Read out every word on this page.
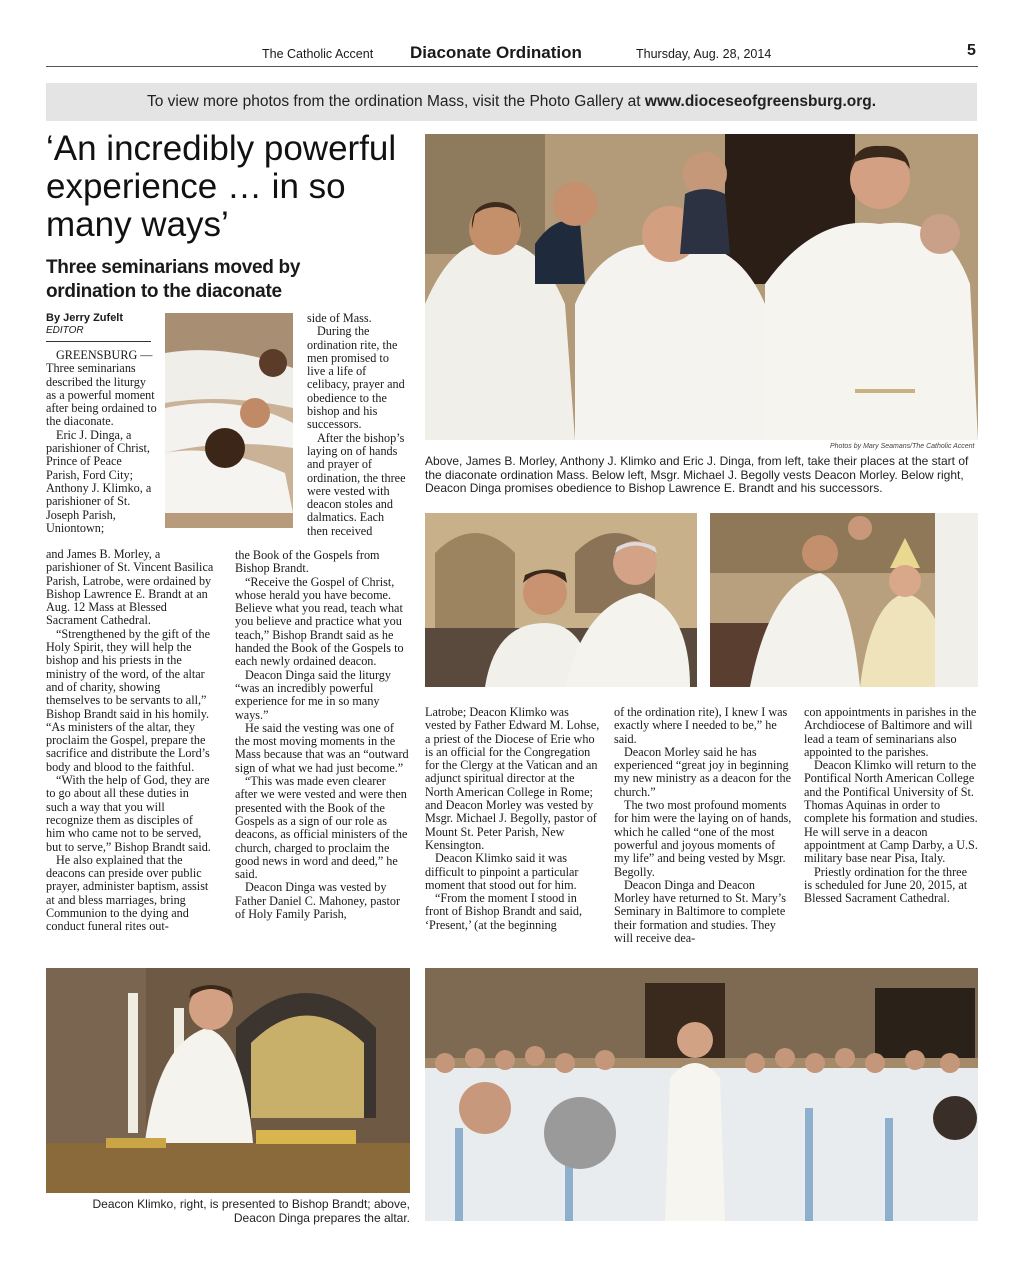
The Catholic Accent Diaconate Ordination	Thursday, Aug. 28, 2014	5
To view more photos from the ordination Mass, visit the Photo Gallery at www.dioceseofgreensburg.org.
‘An incredibly powerful experience … in so many ways’
Three seminarians moved by ordination to the diaconate
By Jerry Zufelt
EDITOR

GREENSBURG —Three seminarians described the liturgy as a powerful moment after being ordained to the diaconate.

Eric J. Dinga, a parishioner of Christ, Prince of Peace Parish, Ford City; Anthony J. Klimko, a parishioner of St. Joseph Parish, Uniontown;

and James B. Morley, a parishioner of St. Vincent Basilica Parish, Latrobe, were ordained by Bishop Lawrence E. Brandt at an Aug. 12 Mass at Blessed Sacrament Cathedral.

“Strengthened by the gift of the Holy Spirit, they will help the bishop and his priests in the ministry of the word, of the altar and of charity, showing themselves to be servants to all,” Bishop Brandt said in his homily. “As ministers of the altar, they proclaim the Gospel, prepare the sacrifice and distribute the Lord’s body and blood to the faithful.

“With the help of God, they are to go about all these duties in such a way that you will recognize them as disciples of him who came not to be served, but to serve,” Bishop Brandt said.

He also explained that the deacons can preside over public prayer, administer baptism, assist at and bless marriages, bring Communion to the dying and conduct funeral rites out-

side of Mass.

During the ordination rite, the men promised to live a life of celibacy, prayer and obedience to the bishop and his successors.

After the bishop’s laying on of hands and prayer of ordination, the three were vested with deacon stoles and dalmatics. Each then received

the Book of the Gospels from Bishop Brandt.

“Receive the Gospel of Christ, whose herald you have become. Believe what you read, teach what you believe and practice what you teach,” Bishop Brandt said as he handed the Book of the Gospels to each newly ordained deacon.

Deacon Dinga said the liturgy “was an incredibly powerful experience for me in so many ways.”

He said the vesting was one of the most moving moments in the Mass because that was an “outward sign of what we had just become.”

“This was made even clearer after we were vested and were then presented with the Book of the Gospels as a sign of our role as deacons, as official ministers of the church, charged to proclaim the good news in word and deed,” he said.

Deacon Dinga was vested by Father Daniel C. Mahoney, pastor of Holy Family Parish,

Photos by Mary Seamans/The Catholic Accent
Above, James B. Morley, Anthony J. Klimko and Eric J. Dinga, from left, take their places at the start of the diaconate ordination Mass. Below left, Msgr. Michael J. Begolly vests Deacon Morley. Below right, Deacon Dinga promises obedience to Bishop Lawrence E. Brandt and his successors.

Latrobe; Deacon Klimko was vested by Father Edward M. Lohse, a priest of the Diocese of Erie who is an official for the Congregation for the Clergy at the Vatican and an adjunct spiritual director at the North American College in Rome; and Deacon Morley was vested by Msgr. Michael J. Begolly, pastor of Mount St. Peter Parish, New Kensington.

Deacon Klimko said it was difficult to pinpoint a particular moment that stood out for him.

“From the moment I stood in front of Bishop Brandt and said, ‘Present,’ (at the beginning

of the ordination rite), I knew I was exactly where I needed to be,” he said.

Deacon Morley said he has experienced “great joy in beginning my new ministry as a deacon for the church.”

The two most profound moments for him were the laying on of hands, which he called “one of the most powerful and joyous moments of my life” and being vested by Msgr. Begolly.

Deacon Dinga and Deacon Morley have returned to St. Mary’s Seminary in Baltimore to complete their formation and studies. They will receive dea-

con appointments in parishes in the Archdiocese of Baltimore and will lead a team of seminarians also appointed to the parishes.

Deacon Klimko will return to the Pontifical North American College and the Pontifical University of St. Thomas Aquinas in order to complete his formation and studies. He will serve in a deacon appointment at Camp Darby, a U.S. military base near Pisa, Italy.

Priestly ordination for the three is scheduled for June 20, 2015, at Blessed Sacrament Cathedral.

Deacon Klimko, right, is presented to Bishop Brandt; above, Deacon Dinga prepares the altar.
